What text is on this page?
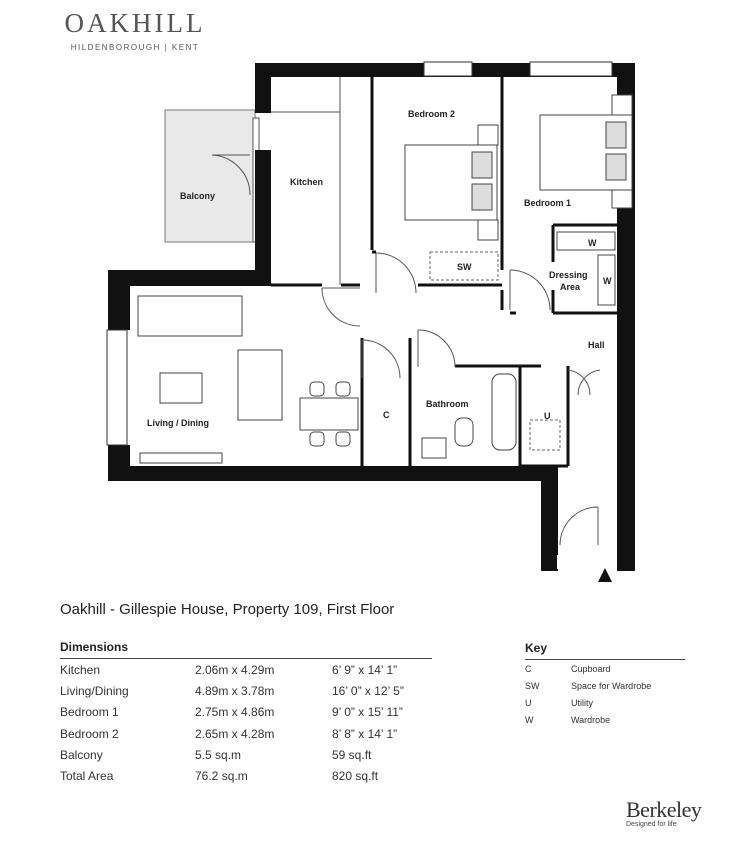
OAKHILL
HILDENBOROUGH | KENT
Kitchen
Bedroom 2
Bedroom 1
Balcony
SW
Dressing
Area
W
W
Hall
Living / Dining
C
Bathroom
U
Oakhill - Gillespie House, Property 109, First Floor
Dimensions
Kitchen	2.06m x 4.29m	6’ 9” x 14’ 1”
Living/Dining	4.89m x 3.78m	16’ 0” x 12’ 5”
Bedroom 1	2.75m x 4.86m	9’ 0” x 15’ 11”
Bedroom 2	2.65m x 4.28m	8’ 8” x 14’ 1”
Balcony	5.5 sq.m	59 sq.ft
Total Area	76.2 sq.m	820 sq.ft
Key
C	Cupboard
SW	Space for Wardrobe
U	Utility
W	Wardrobe
Berkeley
Designed for life
